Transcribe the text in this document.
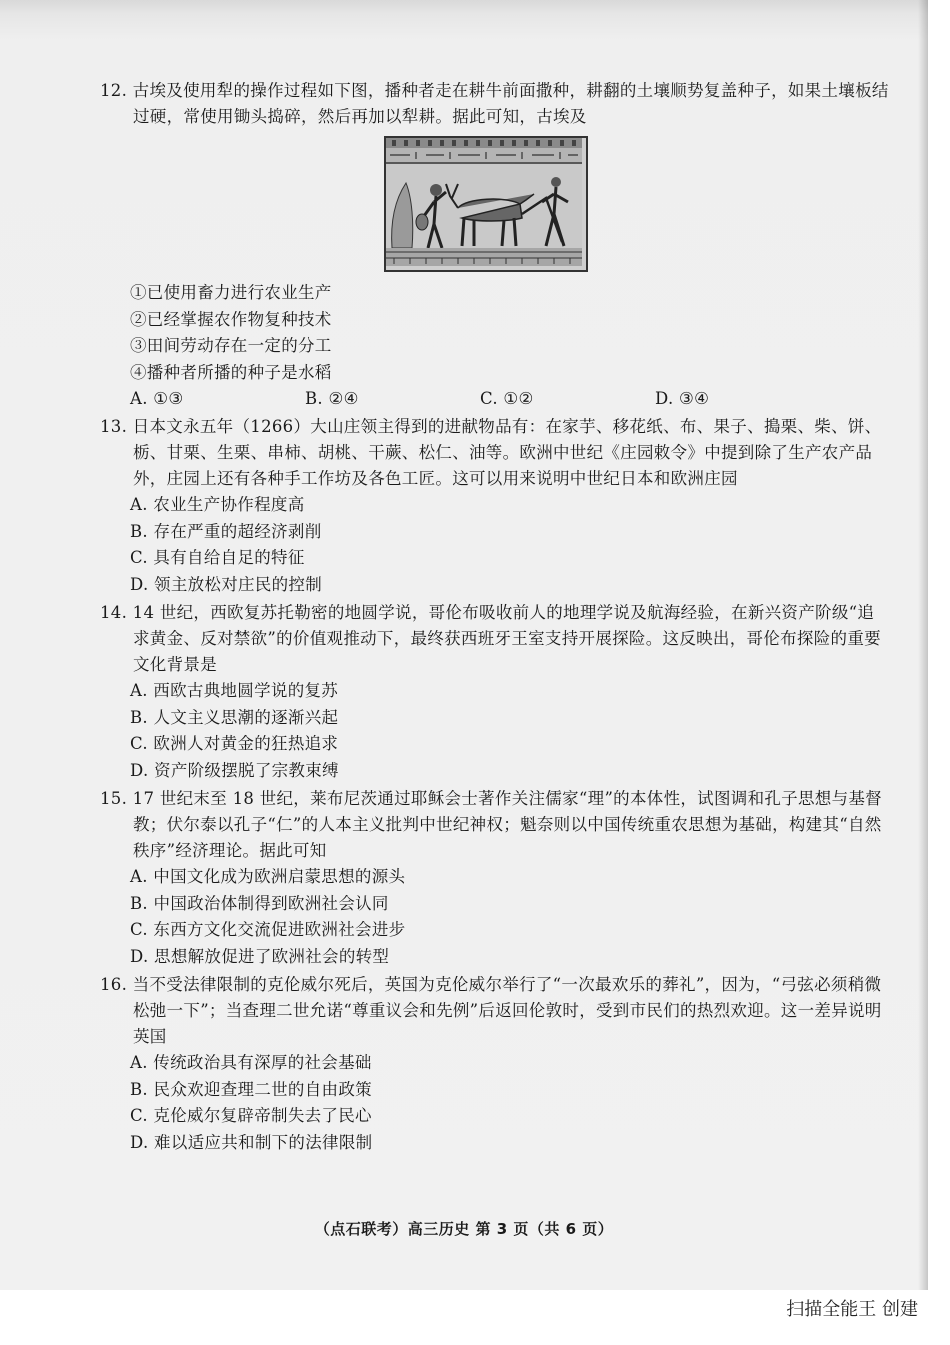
12. 古埃及使用犁的操作过程如下图，播种者走在耕牛前面撒种，耕翻的土壤顺势复盖种子，如果土壤板结过硬，常使用锄头捣碎，然后再加以犁耕。据此可知，古埃及

①已使用畜力进行农业生产

②已经掌握农作物复种技术

③田间劳动存在一定的分工

④播种者所播的种子是水稻

A. ①③	B. ②④	C. ①②	D. ③④

13. 日本文永五年（1266）大山庄领主得到的进献物品有：在家芋、移花纸、布、果子、搗栗、柴、饼、栃、甘栗、生栗、串柿、胡桃、干蕨、松仁、油等。欧洲中世纪《庄园敕令》中提到除了生产农产品外，庄园上还有各种手工作坊及各色工匠。这可以用来说明中世纪日本和欧洲庄园

A. 农业生产协作程度高

B. 存在严重的超经济剥削

C. 具有自给自足的特征

D. 领主放松对庄民的控制

14. 14 世纪，西欧复苏托勒密的地圆学说，哥伦布吸收前人的地理学说及航海经验，在新兴资产阶级“追求黄金、反对禁欲”的价值观推动下，最终获西班牙王室支持开展探险。这反映出，哥伦布探险的重要文化背景是

A. 西欧古典地圆学说的复苏

B. 人文主义思潮的逐渐兴起

C. 欧洲人对黄金的狂热追求

D. 资产阶级摆脱了宗教束缚

15. 17 世纪末至 18 世纪，莱布尼茨通过耶稣会士著作关注儒家“理”的本体性，试图调和孔子思想与基督教；伏尔泰以孔子“仁”的人本主义批判中世纪神权；魁奈则以中国传统重农思想为基础，构建其“自然秩序”经济理论。据此可知

A. 中国文化成为欧洲启蒙思想的源头

B. 中国政治体制得到欧洲社会认同

C. 东西方文化交流促进欧洲社会进步

D. 思想解放促进了欧洲社会的转型

16. 当不受法律限制的克伦威尔死后，英国为克伦威尔举行了“一次最欢乐的葬礼”，因为，“弓弦必须稍微松弛一下”；当查理二世允诺“尊重议会和先例”后返回伦敦时，受到市民们的热烈欢迎。这一差异说明英国

A. 传统政治具有深厚的社会基础

B. 民众欢迎查理二世的自由政策

C. 克伦威尔复辟帝制失去了民心

D. 难以适应共和制下的法律限制

（点石联考）高三历史 第 3 页（共 6 页）
扫描全能王 创建
